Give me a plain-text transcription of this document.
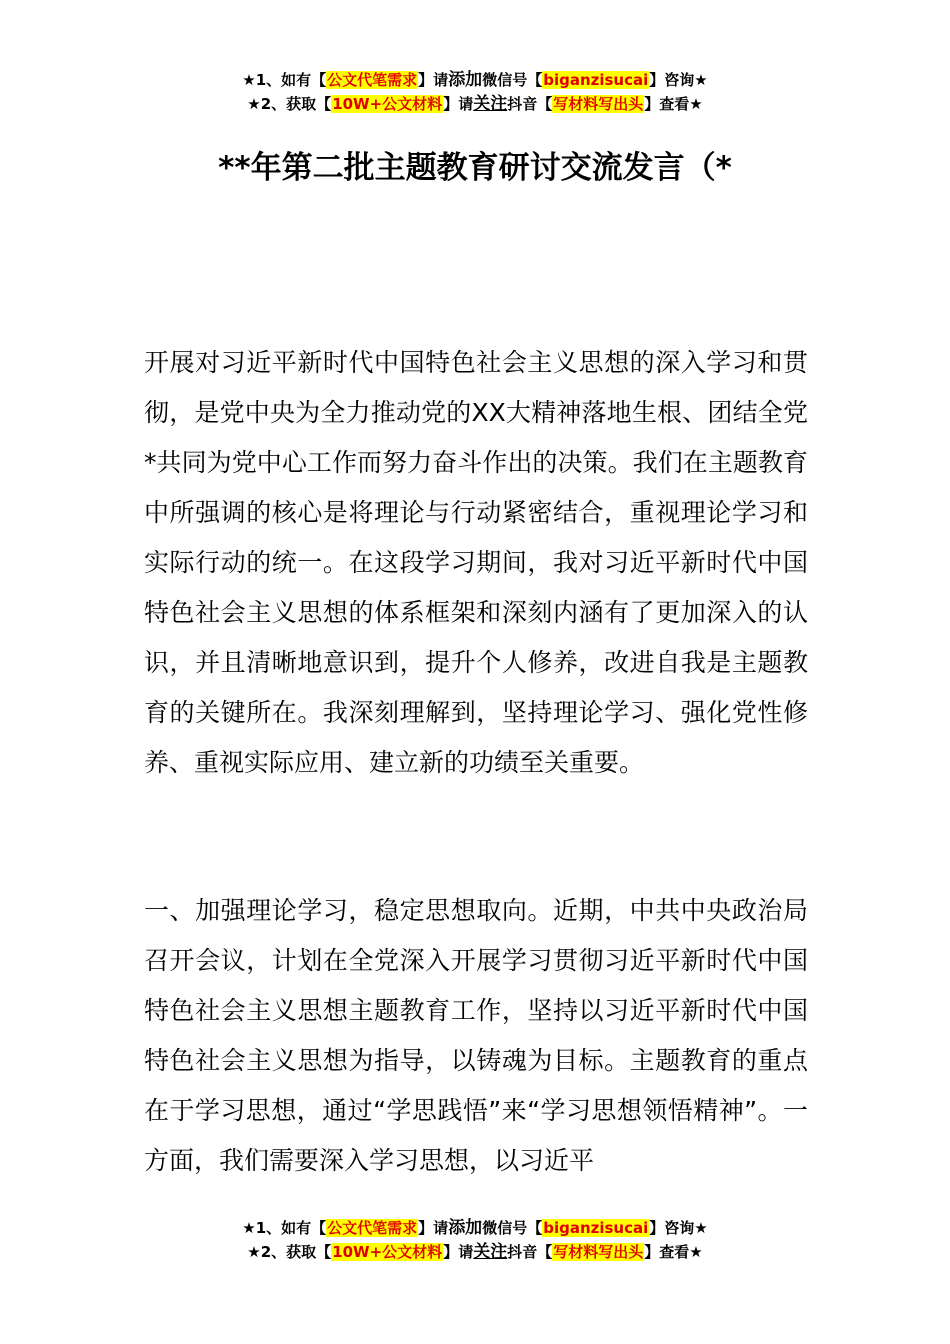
★1、如有【公文代笔需求】请添加微信号【biganzisucai】咨询★
★2、获取【10W+公文材料】请关注抖音【写材料写出头】查看★
**年第二批主题教育研讨交流发言（*

开展对习近平新时代中国特色社会主义思想的深入学习和贯彻，是党中央为全力推动党的XX大精神落地生根、团结全党*共同为党中心工作而努力奋斗作出的决策。我们在主题教育中所强调的核心是将理论与行动紧密结合，重视理论学习和实际行动的统一。在这段学习期间，我对习近平新时代中国特色社会主义思想的体系框架和深刻内涵有了更加深入的认识，并且清晰地意识到，提升个人修养，改进自我是主题教育的关键所在。我深刻理解到，坚持理论学习、强化党性修养、重视实际应用、建立新的功绩至关重要。

一、加强理论学习，稳定思想取向。近期，中共中央政治局召开会议，计划在全党深入开展学习贯彻习近平新时代中国特色社会主义思想主题教育工作，坚持以习近平新时代中国特色社会主义思想为指导，以铸魂为目标。主题教育的重点在于学习思想，通过“学思践悟”来“学习思想领悟精神”。一方面，我们需要深入学习思想，以习近平

★1、如有【公文代笔需求】请添加微信号【biganzisucai】咨询★
★2、获取【10W+公文材料】请关注抖音【写材料写出头】查看★
